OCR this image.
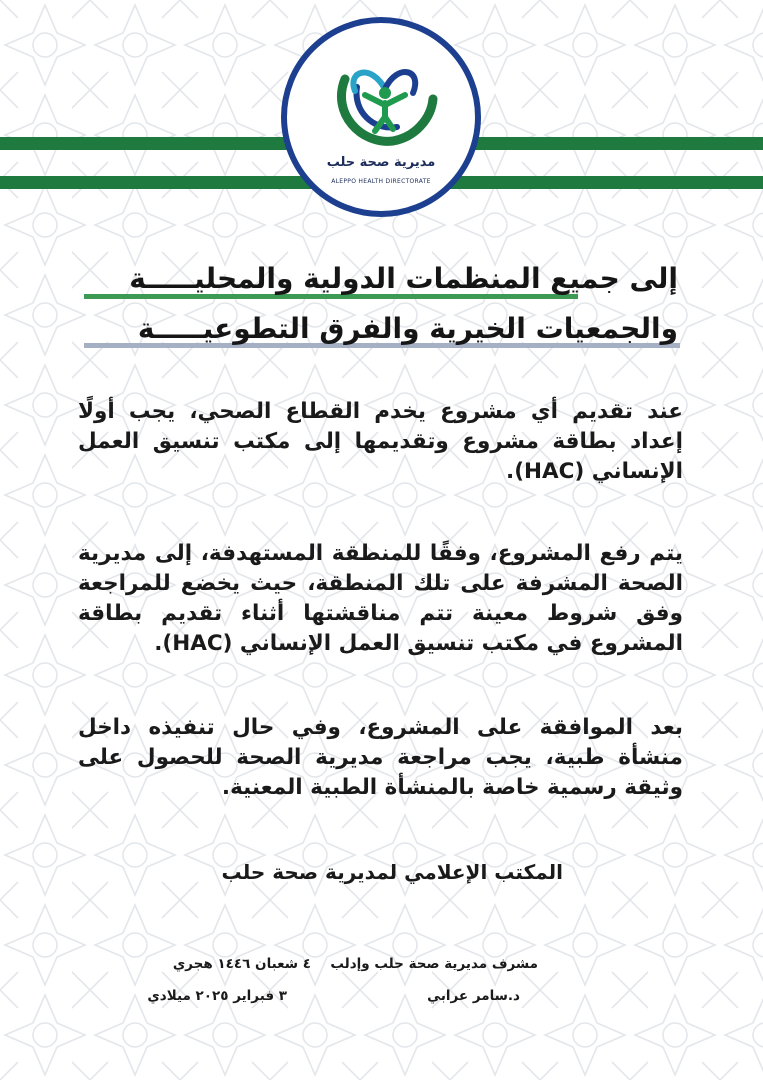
مديرية صحة حلب
ALEPPO HEALTH DIRECTORATE
إلى جميع المنظمات الدولية والمحليـــــة
والجمعيات الخيرية والفرق التطوعيـــــة
عند تقديم أي مشروع يخدم القطاع الصحي، يجب أولًا إعداد بطاقة مشروع وتقديمها إلى مكتب تنسيق العمل الإنساني (HAC).
يتم رفع المشروع، وفقًا للمنطقة المستهدفة، إلى مديرية الصحة المشرفة على تلك المنطقة، حيث يخضع للمراجعة وفق شروط معينة تتم مناقشتها أثناء تقديم بطاقة المشروع في مكتب تنسيق العمل الإنساني (HAC).
بعد الموافقة على المشروع، وفي حال تنفيذه داخل منشأة طبية، يجب مراجعة مديرية الصحة للحصول على وثيقة رسمية خاصة بالمنشأة الطبية المعنية.
المكتب الإعلامي لمديرية صحة حلب
٤ شعبان ١٤٤٦ هجري
٣ فبراير ٢٠٢٥ ميلادي
مشرف مديرية صحة حلب وإدلب
د.سامر عرابي
